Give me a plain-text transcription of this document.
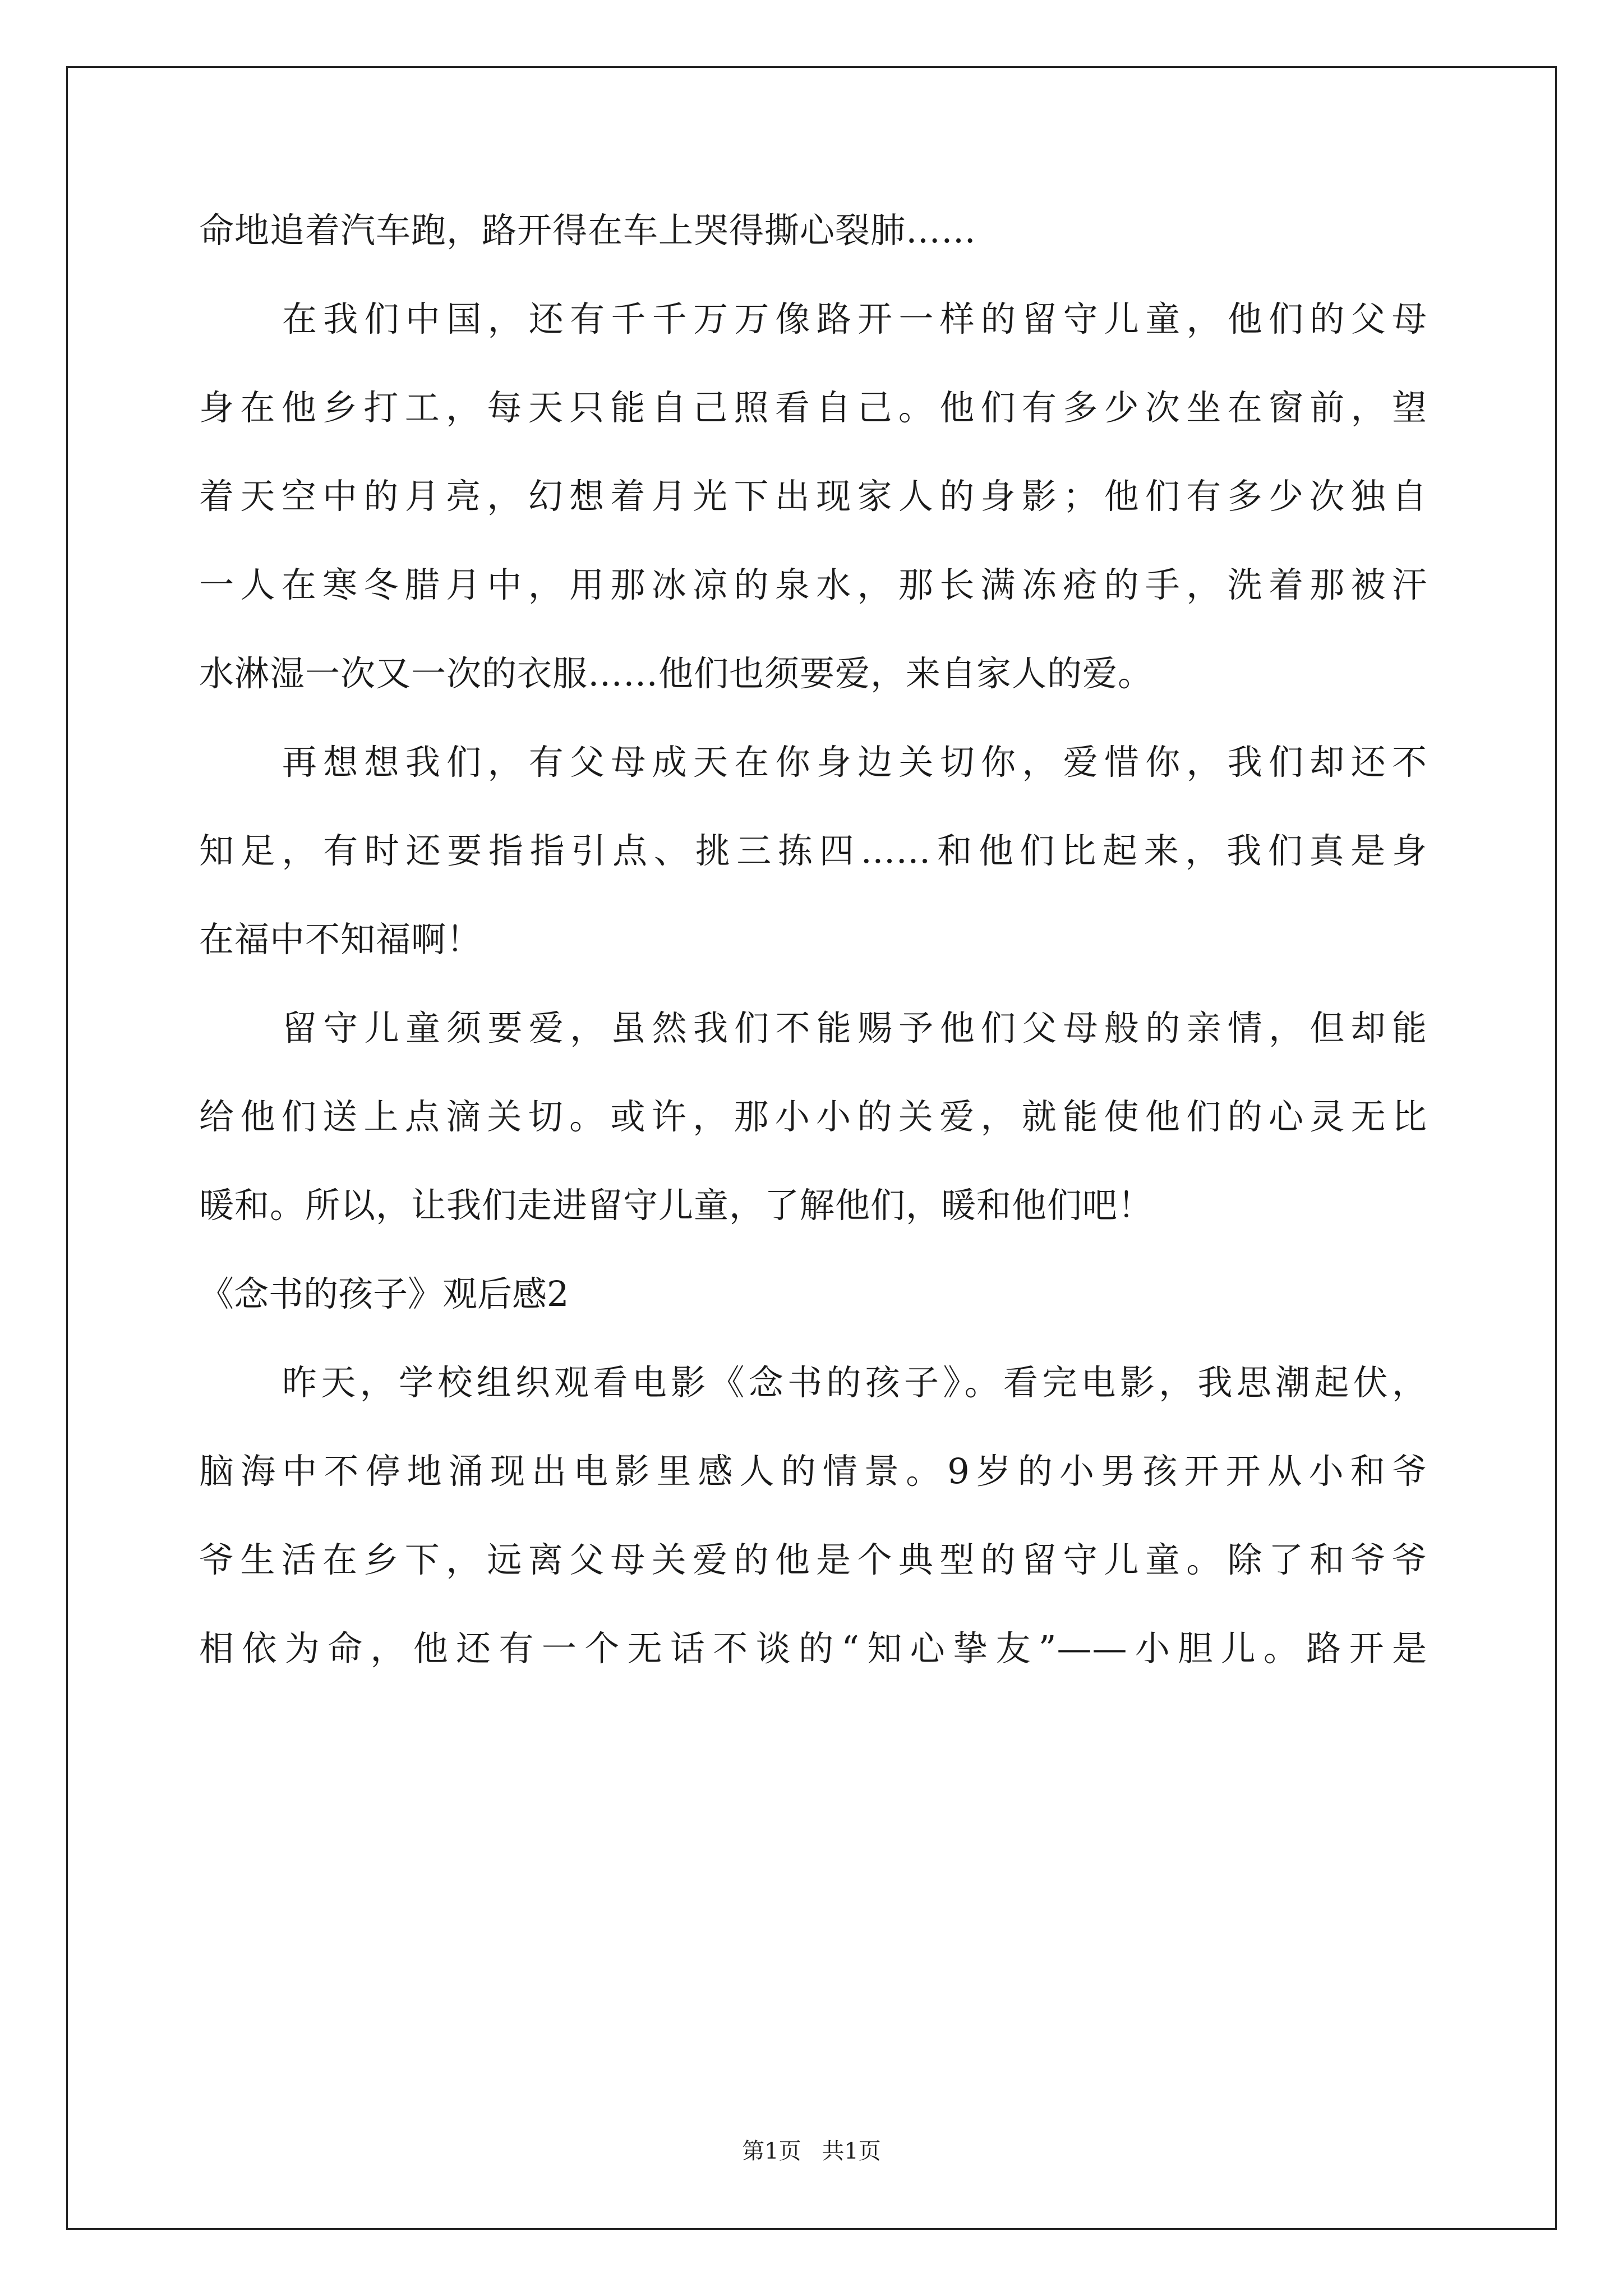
命地追着汽车跑，路开得在车上哭得撕心裂肺……
在我们中国，还有千千万万像路开一样的留守儿童，他们的父母
身在他乡打工，每天只能自己照看自己。他们有多少次坐在窗前，望
着天空中的月亮，幻想着月光下出现家人的身影；他们有多少次独自
一人在寒冬腊月中，用那冰凉的泉水，那长满冻疮的手，洗着那被汗
水淋湿一次又一次的衣服……他们也须要爱，来自家人的爱。
再想想我们，有父母成天在你身边关切你，爱惜你，我们却还不
知足，有时还要指指引点、挑三拣四……和他们比起来，我们真是身
在福中不知福啊！
留守儿童须要爱，虽然我们不能赐予他们父母般的亲情，但却能
给他们送上点滴关切。或许，那小小的关爱，就能使他们的心灵无比
暖和。所以，让我们走进留守儿童，了解他们，暖和他们吧！
《念书的孩子》观后感2
昨天，学校组织观看电影《念书的孩子》。看完电影，我思潮起伏，
脑海中不停地涌现出电影里感人的情景。9岁的小男孩开开从小和爷
爷生活在乡下，远离父母关爱的他是个典型的留守儿童。除了和爷爷
相依为命，他还有一个无话不谈的“知心挚友”——小胆儿。路开是
第1页 共1页
